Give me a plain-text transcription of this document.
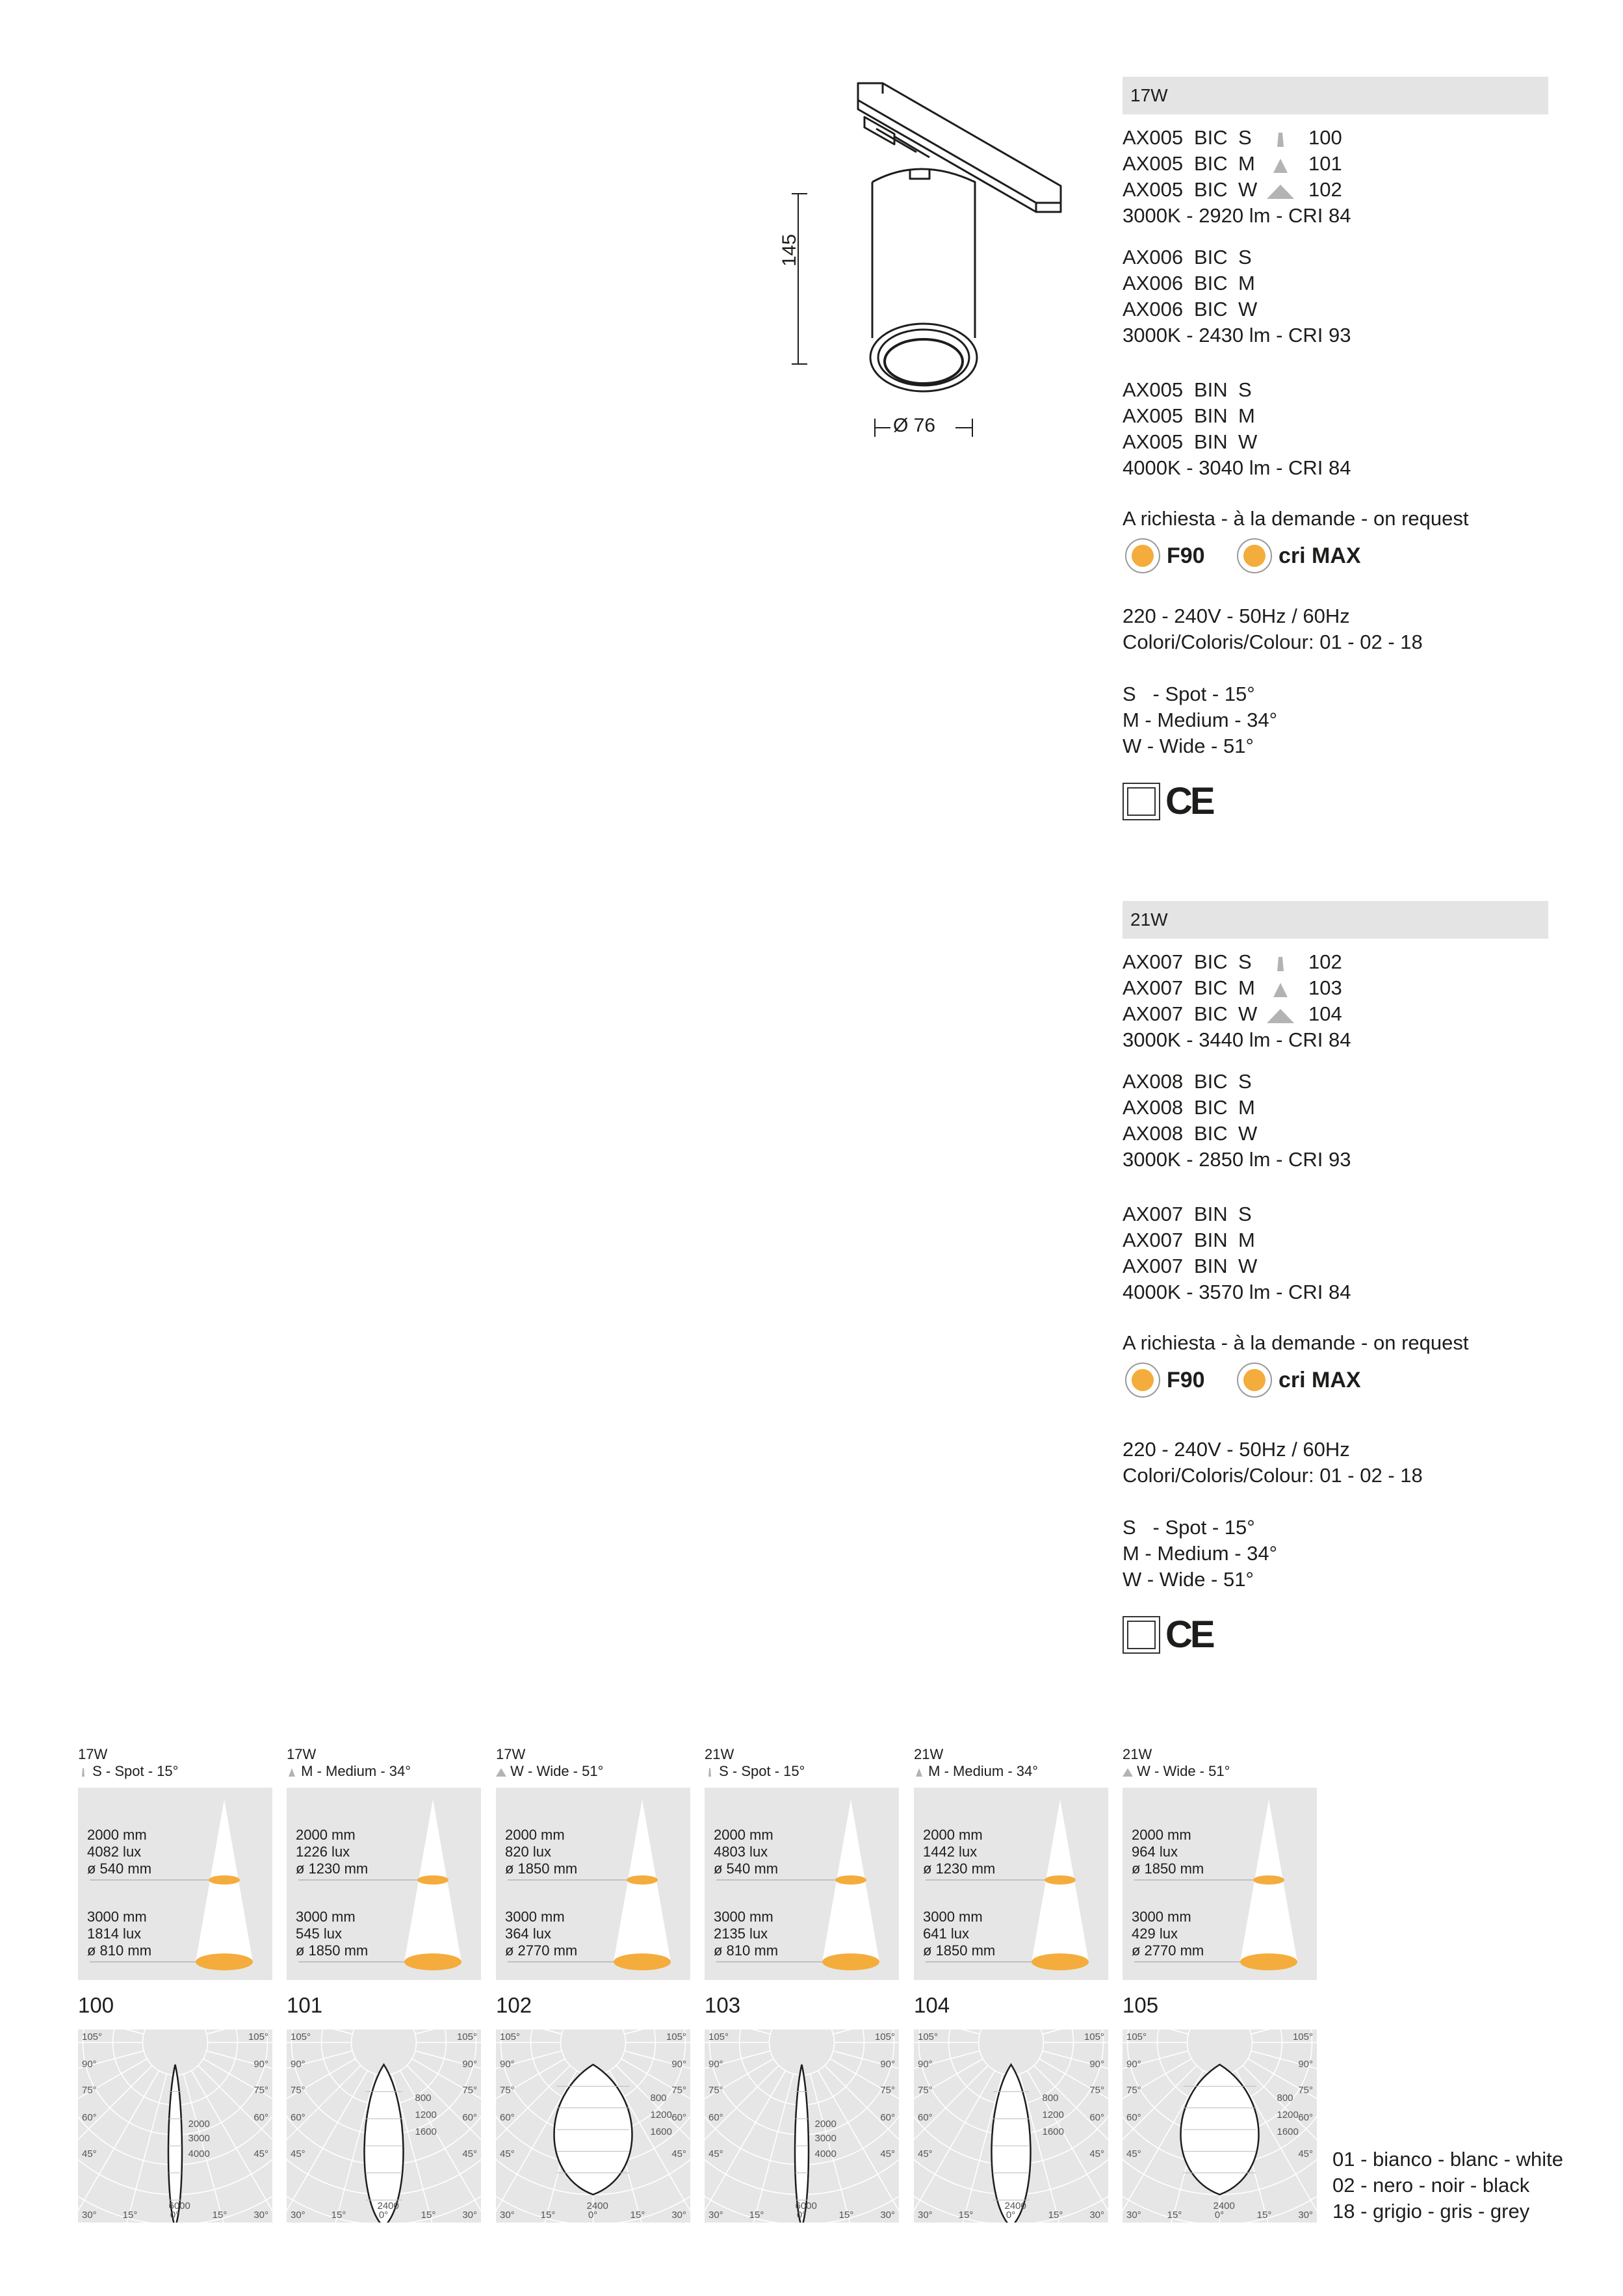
145
Ø 76
17W
AX005 BIC S	100
AX005 BIC M	101
AX005 BIC W	102
3000K - 2920 lm - CRI 84
AX006 BIC S
AX006 BIC M
AX006 BIC W
3000K - 2430 lm - CRI 93
AX005 BIN S
AX005 BIN M
AX005 BIN W
4000K - 3040 lm - CRI 84
A richiesta - à la demande - on request
F90	cri MAX
220 - 240V - 50Hz / 60Hz
Colori/Coloris/Colour: 01 - 02 - 18
S   - Spot - 15°
M - Medium - 34°
W - Wide - 51°
CE
21W
AX007 BIC S	102
AX007 BIC M	103
AX007 BIC W	104
3000K - 3440 lm - CRI 84
AX008 BIC S
AX008 BIC M
AX008 BIC W
3000K - 2850 lm - CRI 93
AX007 BIN S
AX007 BIN M
AX007 BIN W
4000K - 3570 lm - CRI 84
A richiesta - à la demande - on request
F90	cri MAX
220 - 240V - 50Hz / 60Hz
Colori/Coloris/Colour: 01 - 02 - 18
S   - Spot - 15°
M - Medium - 34°
W - Wide - 51°
CE
17W
S - Spot - 15°
2000 mm
4082 lux
ø 540 mm
3000 mm
1814 lux
ø 810 mm
100
105°	105°
90°	90°
75°	75°
60°	60°
45°	45°
30°	15°	0°	15°	30°
2000
3000
4000
6000
17W
M - Medium - 34°
2000 mm
1226 lux
ø 1230 mm
3000 mm
545 lux
ø 1850 mm
101
105°	105°
90°	90°
75°	75°
60°	60°
45°	45°
30°	15°	0°	15°	30°
800
1200
1600
2400
17W
W - Wide - 51°
2000 mm
820 lux
ø 1850 mm
3000 mm
364 lux
ø 2770 mm
102
105°	105°
90°	90°
75°	75°
60°	60°
45°	45°
30°	15°	0°	15°	30°
800
1200
1600
2400
21W
S - Spot - 15°
2000 mm
4803 lux
ø 540 mm
3000 mm
2135 lux
ø 810 mm
103
105°	105°
90°	90°
75°	75°
60°	60°
45°	45°
30°	15°	0°	15°	30°
2000
3000
4000
6000
21W
M - Medium - 34°
2000 mm
1442 lux
ø 1230 mm
3000 mm
641 lux
ø 1850 mm
104
105°	105°
90°	90°
75°	75°
60°	60°
45°	45°
30°	15°	0°	15°	30°
800
1200
1600
2400
21W
W - Wide - 51°
2000 mm
964 lux
ø 1850 mm
3000 mm
429 lux
ø 2770 mm
105
105°	105°
90°	90°
75°	75°
60°	60°
45°	45°
30°	15°	0°	15°	30°
800
1200
1600
2400
01 - bianco - blanc - white
02 - nero - noir - black
18 - grigio - gris - grey
